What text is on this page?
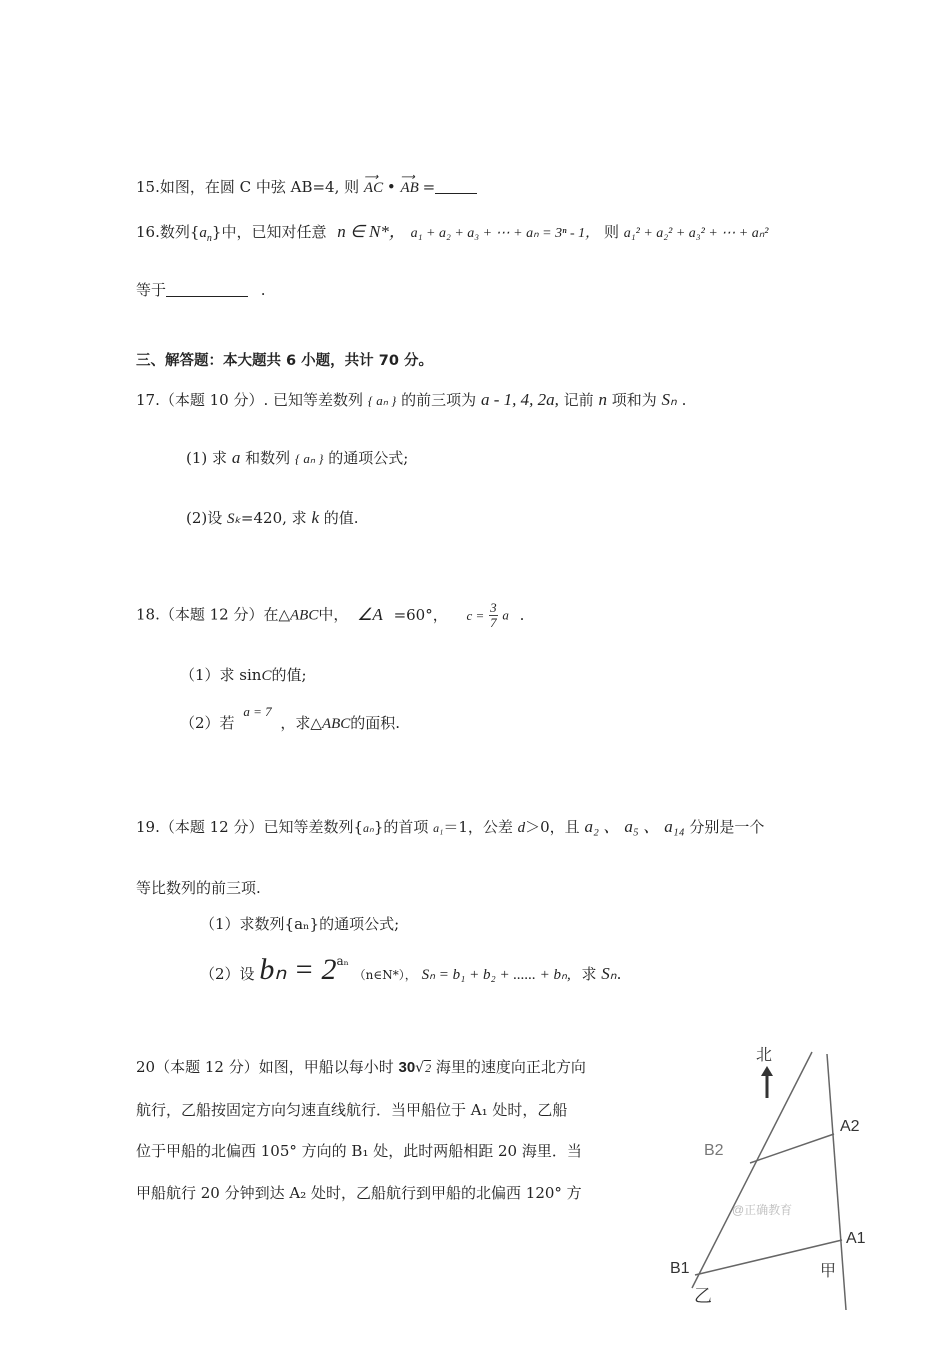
15.如图，在圆 C 中弦 AB=4, 则 AC
⟶
• AB
⟶
=
16.数列$\{a_n\}$中，已知对任意 n ∈ N*， a₁ + a₂ + a₃ + ⋯ + aₙ = 3ⁿ - 1， 则 a₁² + a₂² + a₃² + ⋯ + aₙ²
等于	.
三、解答题：本大题共 6 小题，共计 70 分。
17.（本题 10 分）. 已知等差数列 { aₙ } 的前三项为 a - 1, 4, 2a, 记前 n 项和为 Sₙ .
(1) 求 a 和数列 { aₙ } 的通项公式;
(2)设 Sₖ=420, 求 k 的值.
18.（本题 12 分）在△ABC中， ∠A =60°， $c = \frac{3}{7}$ a .
（1）求 sinC的值;
（2）若 a = 7 ，求△ABC的面积.
19.（本题 12 分）已知等差数列{aₙ}的首项 a₁＝1，公差 d＞0，且 a₂ 、 a₅ 、 a₁₄ 分别是一个
等比数列的前三项.
（1）求数列{aₙ}的通项公式;
（2）设 $b_n = 2^{a_n}$ （n∈N*）， Sₙ = b₁ + b₂ + ...... + bₙ, 求 Sₙ.
20（本题 12 分）如图，甲船以每小时 30√2 海里的速度向正北方向
航行，乙船按固定方向匀速直线航行．当甲船位于 A₁ 处时，乙船
位于甲船的北偏西 105° 方向的 B₁ 处，此时两船相距 20 海里．当
甲船航行 20 分钟到达 A₂ 处时，乙船航行到甲船的北偏西 120° 方
北
A2
B2
@正确教育
A1
B1	甲
乙
